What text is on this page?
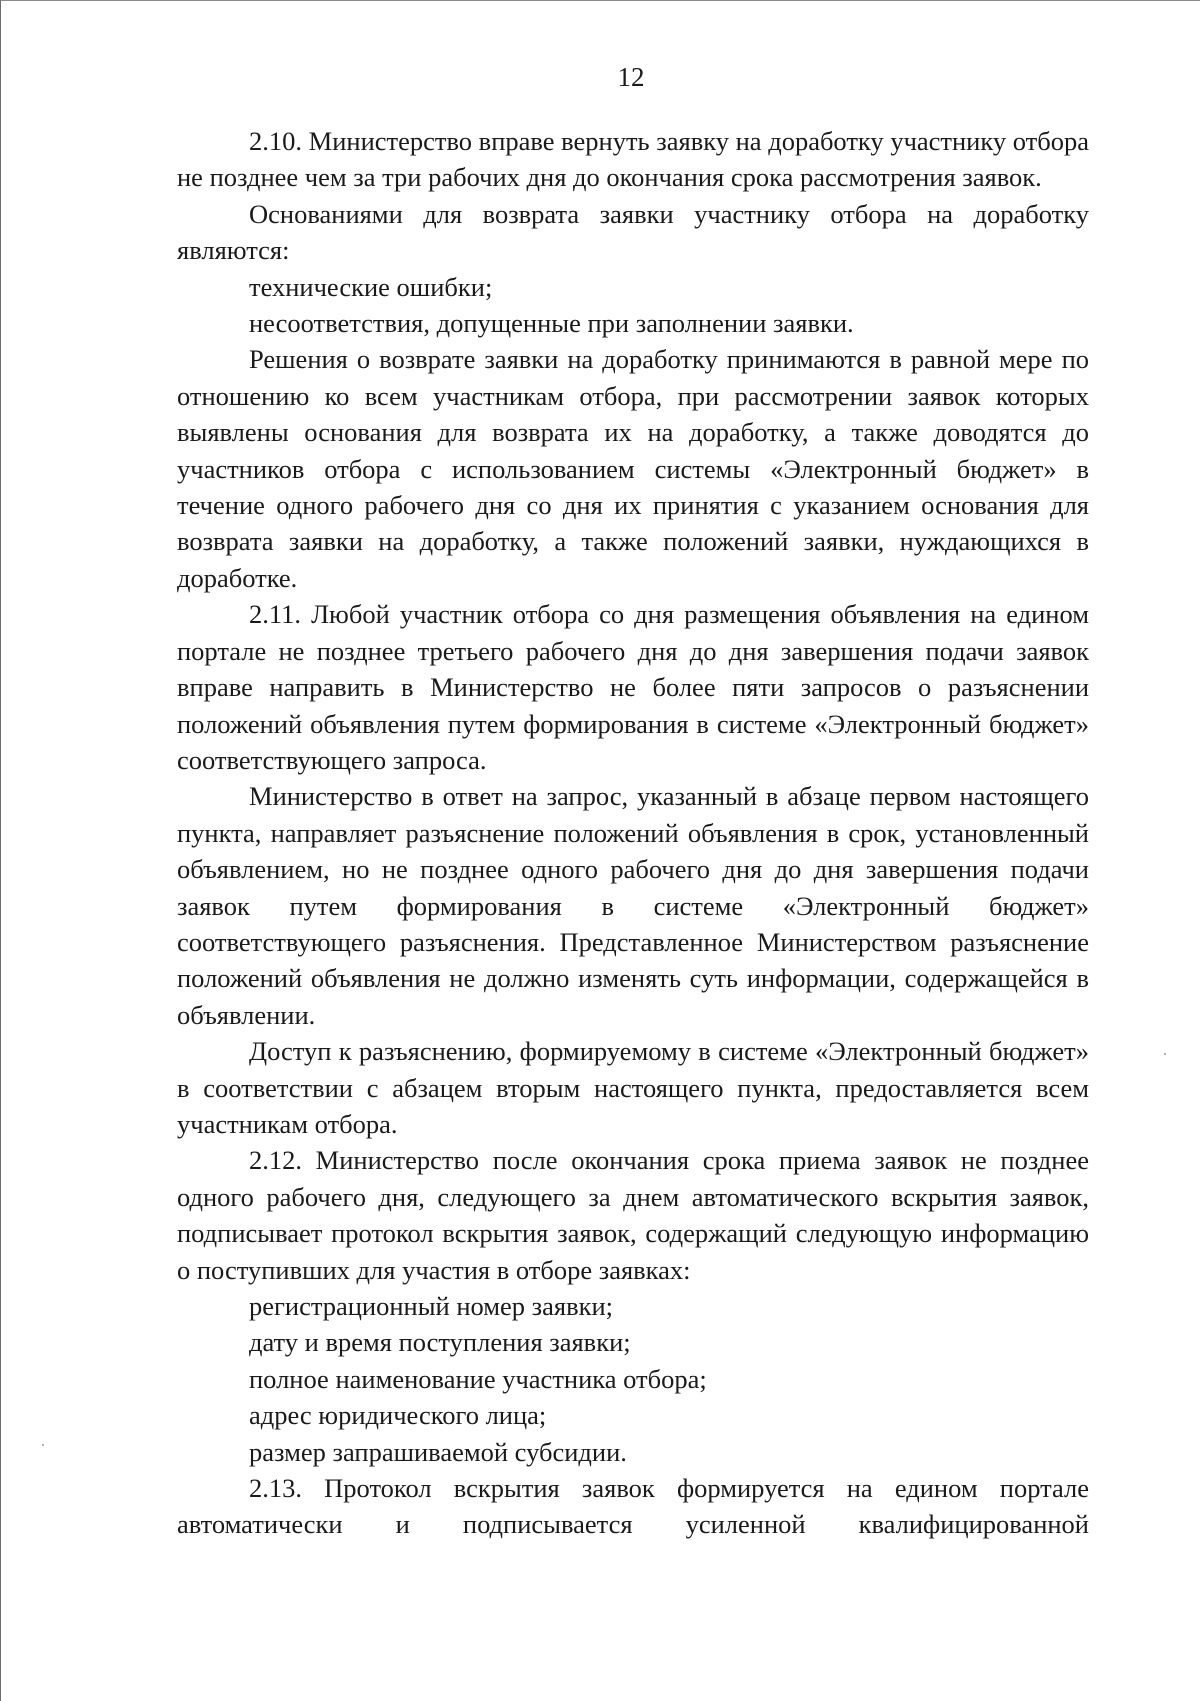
12

2.10. Министерство вправе вернуть заявку на доработку участнику отбора не позднее чем за три рабочих дня до окончания срока рассмотрения заявок.

Основаниями для возврата заявки участнику отбора на доработку являются:

технические ошибки;

несоответствия, допущенные при заполнении заявки.

Решения о возврате заявки на доработку принимаются в равной мере по отношению ко всем участникам отбора, при рассмотрении заявок которых выявлены основания для возврата их на доработку, а также доводятся до участников отбора с использованием системы «Электронный бюджет» в течение одного рабочего дня со дня их принятия с указанием основания для возврата заявки на доработку, а также положений заявки, нуждающихся в доработке.

2.11. Любой участник отбора со дня размещения объявления на едином портале не позднее третьего рабочего дня до дня завершения подачи заявок вправе направить в Министерство не более пяти запросов о разъяснении положений объявления путем формирования в системе «Электронный бюджет» соответствующего запроса.

Министерство в ответ на запрос, указанный в абзаце первом настоящего пункта, направляет разъяснение положений объявления в срок, установленный объявлением, но не позднее одного рабочего дня до дня завершения подачи заявок путем формирования в системе «Электронный бюджет» соответствующего разъяснения. Представленное Министерством разъяснение положений объявления не должно изменять суть информации, содержащейся в объявлении.

Доступ к разъяснению, формируемому в системе «Электронный бюджет» в соответствии с абзацем вторым настоящего пункта, предоставляется всем участникам отбора.

2.12. Министерство после окончания срока приема заявок не позднее одного рабочего дня, следующего за днем автоматического вскрытия заявок, подписывает протокол вскрытия заявок, содержащий следующую информацию о поступивших для участия в отборе заявках:

регистрационный номер заявки;

дату и время поступления заявки;

полное наименование участника отбора;

адрес юридического лица;

размер запрашиваемой субсидии.

2.13. Протокол вскрытия заявок формируется на едином портале автоматически и подписывается усиленной квалифицированной
